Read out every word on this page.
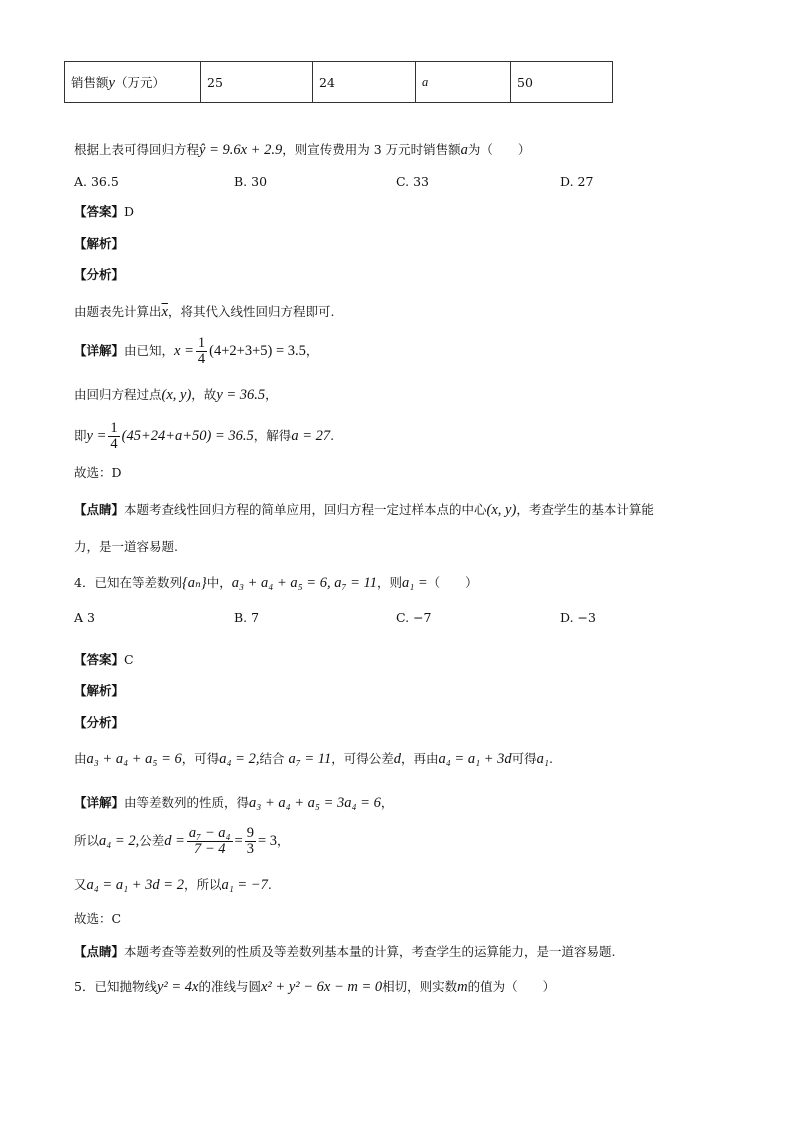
销售额y（万元）	25	24	a	50
根据上表可得回归方程ŷ = 9.6x + 2.9，则宣传费用为 3 万元时销售额a为（　　）
A. 36.5	B. 30	C. 33	D. 27
【答案】D
【解析】
【分析】
由题表先计算出$\overline{x}$，将其代入线性回归方程即可.
【详解】由已知，$x = \frac{1}{4} (4+2+3+5) = 3.5$，
由回归方程过点(x, y)，故y = 36.5，
即$y = \frac{1}{4} (45+24+a+50) = 36.5$，解得a = 27.
故选：D
【点睛】本题考查线性回归方程的简单应用，回归方程一定过样本点的中心(x, y)，考查学生的基本计算能
力，是一道容易题.
4．已知在等差数列{aₙ}中，a₃ + a₄ + a₅ = 6, a₇ = 11，则a₁ =（　　）
A 3	B. 7	C. −7	D. −3
【答案】C
【解析】
【分析】
由a₃ + a₄ + a₅ = 6，可得a₄ = 2,结合 a₇ = 11，可得公差d，再由a₄ = a₁ + 3d可得a₁.
【详解】由等差数列的性质，得a₃ + a₄ + a₅ = 3a₄ = 6，
所以a₄ = 2,公差$d = \frac{\text{a₇ − a₄}}{7 - 4} = \frac{9}{3} = 3$，
又a₄ = a₁ + 3d = 2，所以a₁ = −7.
故选：C
【点睛】本题考查等差数列的性质及等差数列基本量的计算，考查学生的运算能力，是一道容易题.
5．已知抛物线y² = 4x的准线与圆x² + y² − 6x − m = 0相切，则实数m的值为（　　）
